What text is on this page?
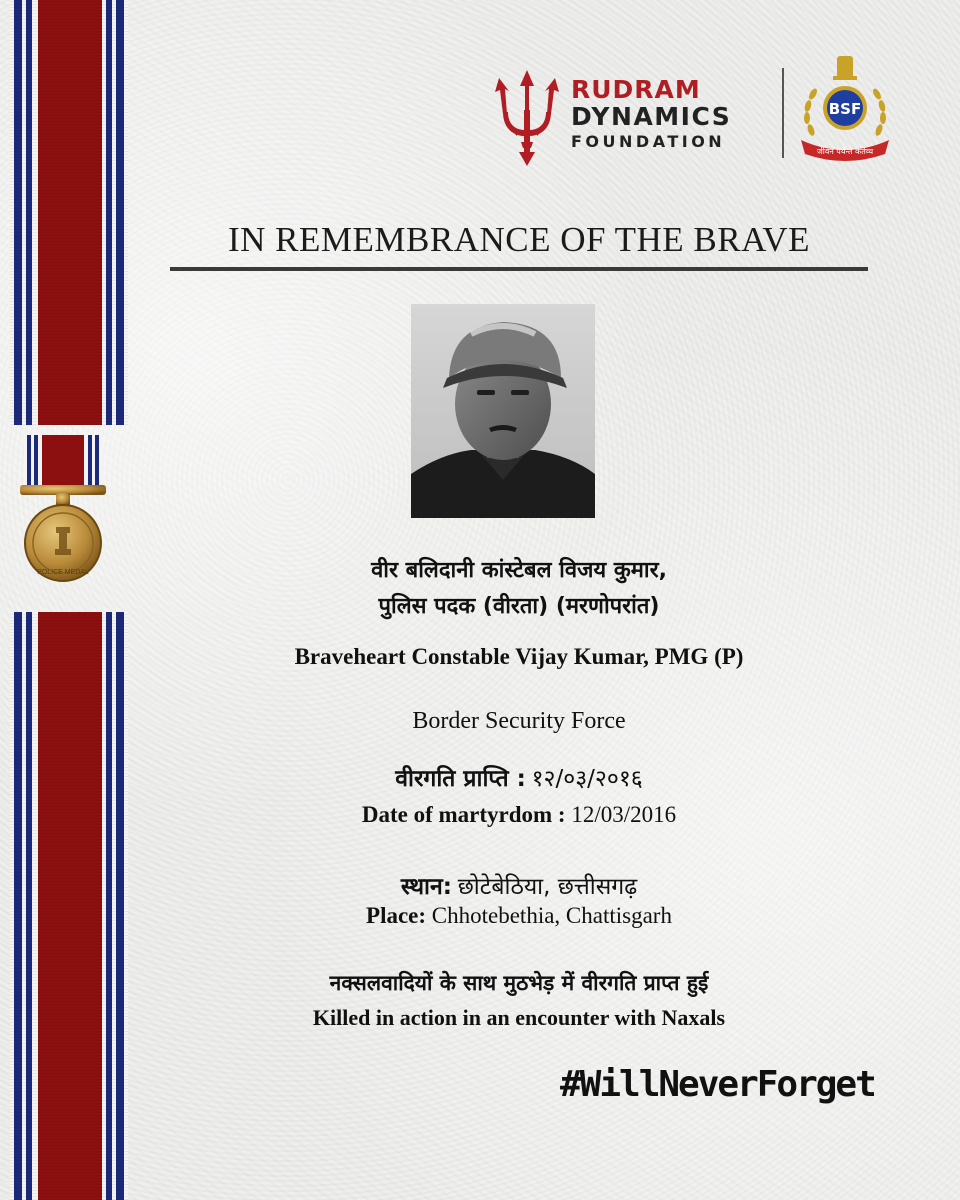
POLICE MEDAL
RUDRAM
DYNAMICS
FOUNDATION
BSF
जीवन पर्यन्त कर्तव्य
IN REMEMBRANCE OF THE BRAVE
वीर बलिदानी कांस्टेबल विजय कुमार,
पुलिस पदक (वीरता) (मरणोपरांत)
Braveheart Constable Vijay Kumar, PMG (P)
Border Security Force
वीरगति प्राप्ति : १२/०३/२०१६
Date of martyrdom : 12/03/2016
स्थान: छोटेबेठिया, छत्तीसगढ़
Place: Chhotebethia, Chattisgarh
नक्सलवादियों के साथ मुठभेड़ में वीरगति प्राप्त हुई
Killed in action in an encounter with Naxals
#WillNeverForget
